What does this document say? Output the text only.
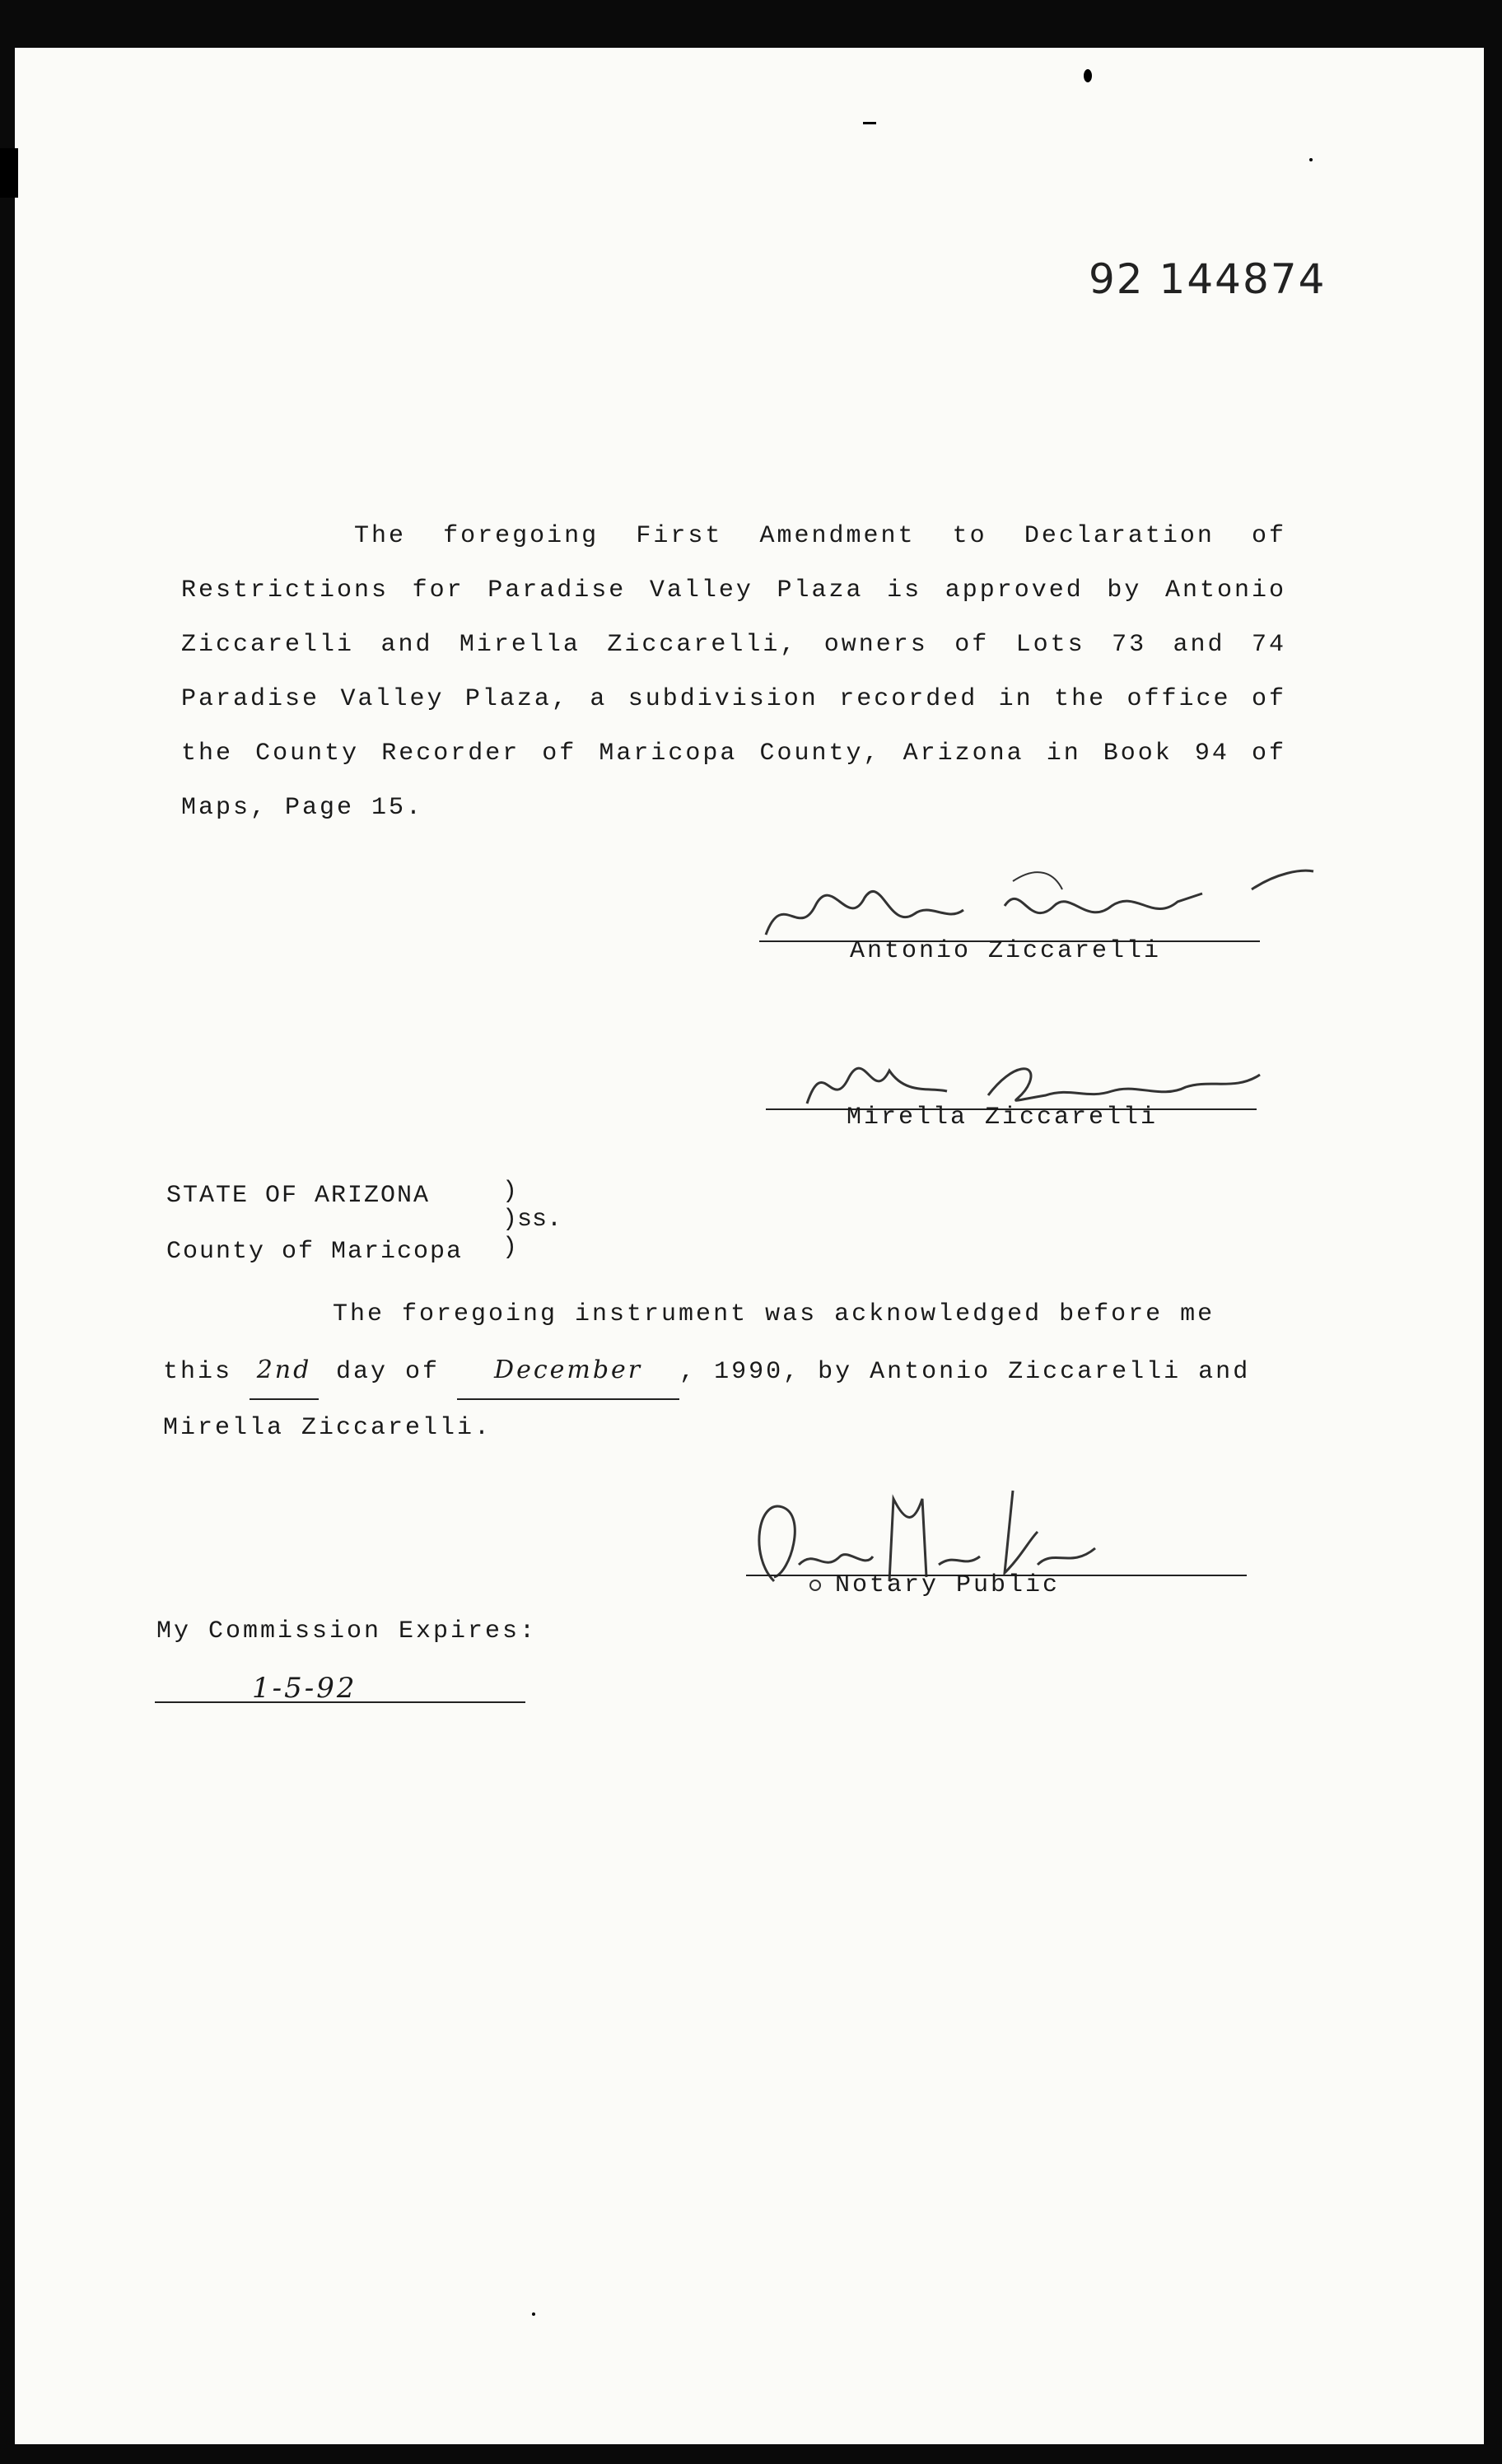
92 144874
The foregoing First Amendment to Declaration of Restrictions for Paradise Valley Plaza is approved by Antonio Ziccarelli and Mirella Ziccarelli, owners of Lots 73 and 74 Paradise Valley Plaza, a subdivision recorded in the office of the County Recorder of Maricopa County, Arizona in Book 94 of Maps, Page 15.
Antonio Ziccarelli
Mirella Ziccarelli
STATE OF ARIZONA
County of Maricopa
)
)ss.
)
The foregoing instrument was acknowledged before me
this 2nd day of December , 1990, by Antonio Ziccarelli and
Mirella Ziccarelli.
Notary Public
My Commission Expires:
1-5-92
